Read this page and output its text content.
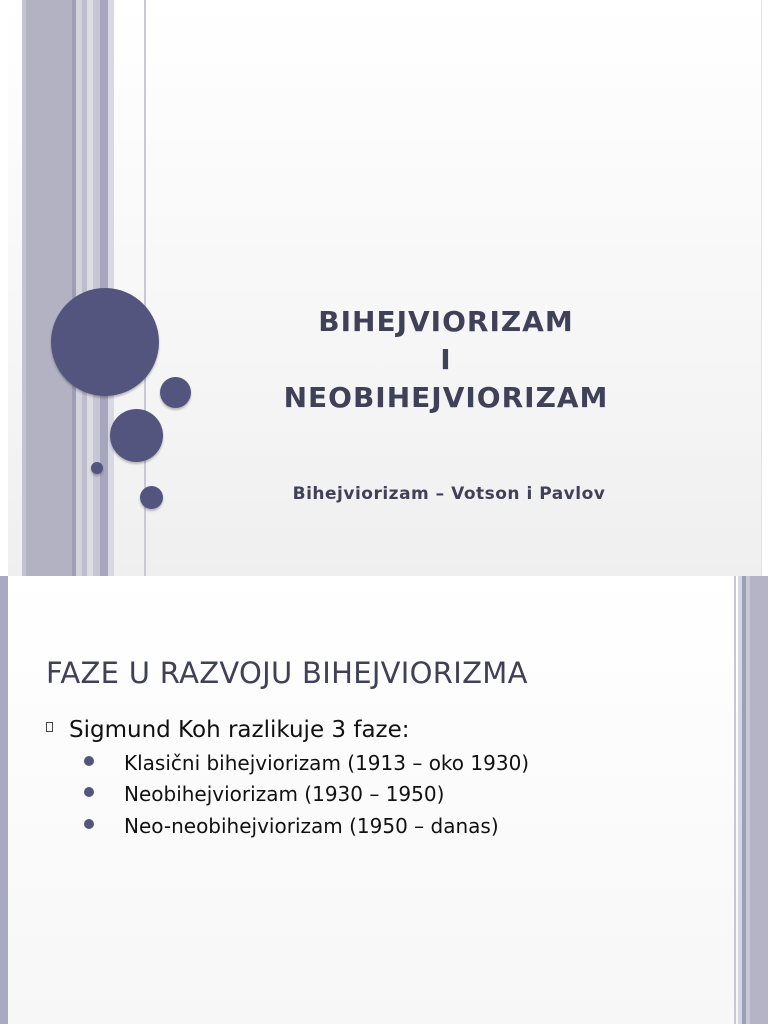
BIHEJVIORIZAM
I
NEOBIHEJVIORIZAM
Bihejviorizam – Votson i Pavlov
FAZE U RAZVOJU BIHEJVIORIZMA
Sigmund Koh razlikuje 3 faze:
Klasični bihejviorizam (1913 – oko 1930)
Neobihejviorizam (1930 – 1950)
Neo-neobihejviorizam (1950 – danas)
